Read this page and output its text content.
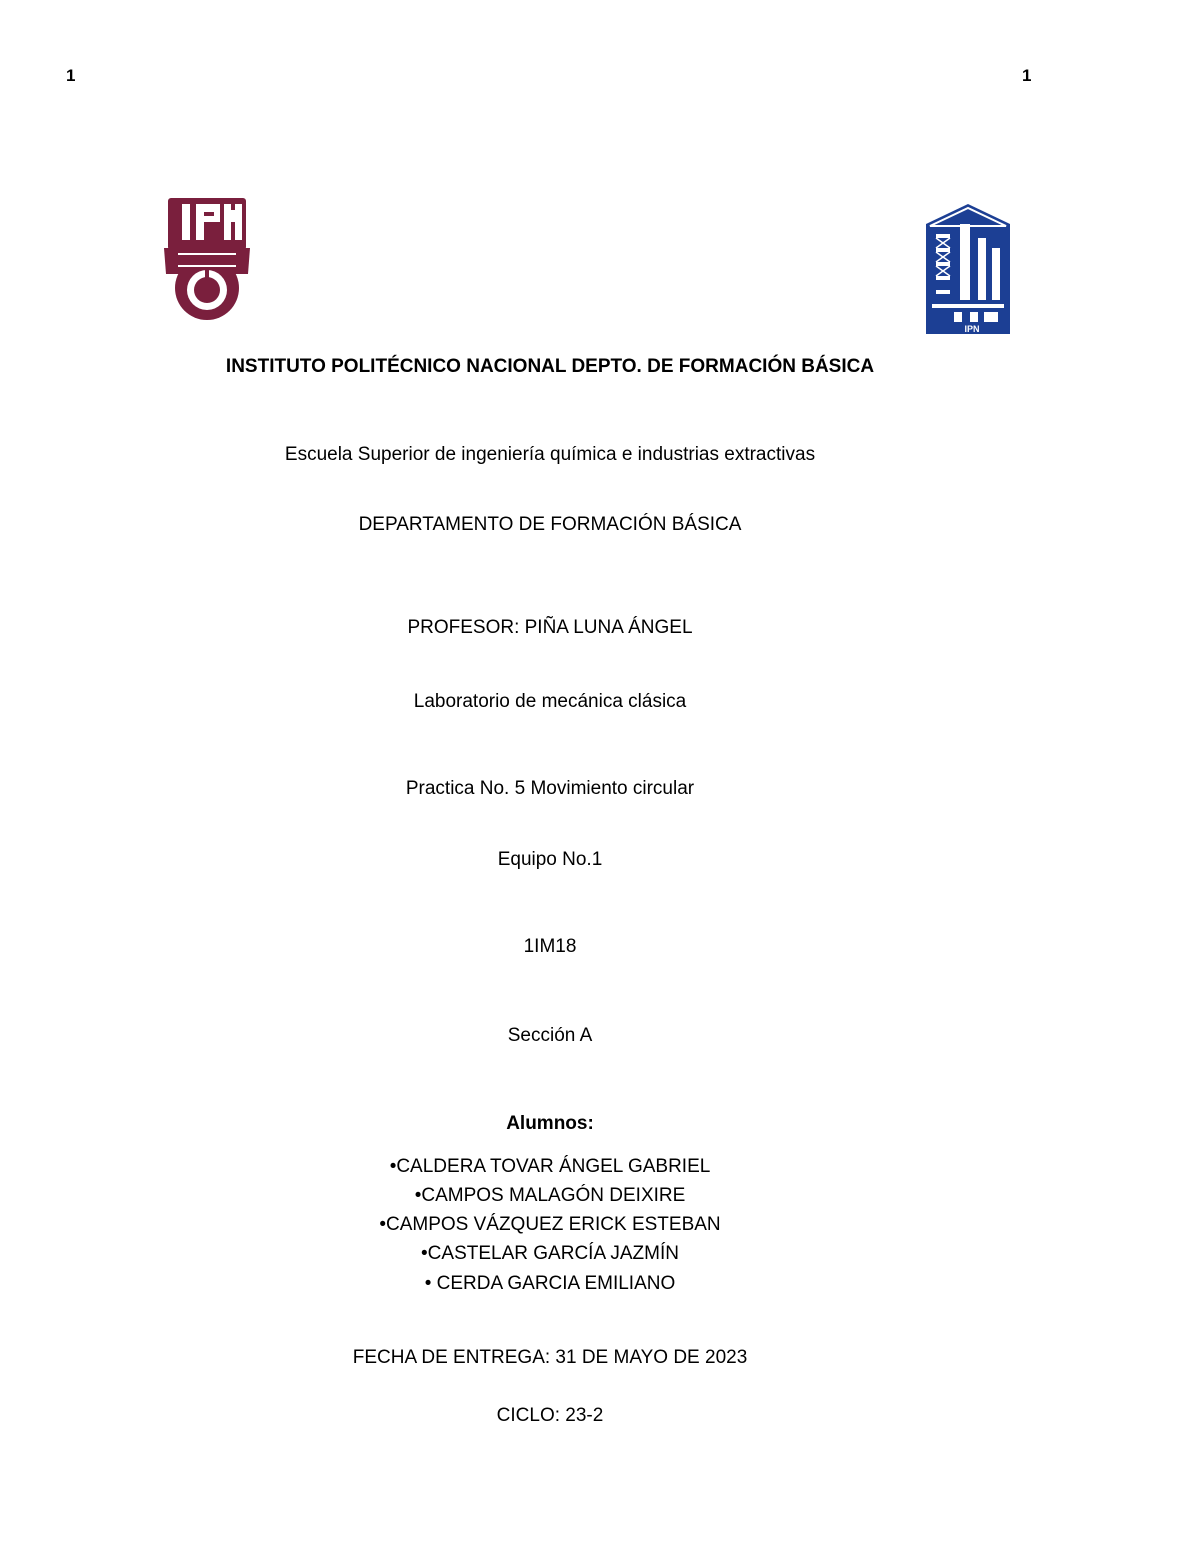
1	1
IPN
INSTITUTO POLITÉCNICO NACIONAL DEPTO. DE FORMACIÓN BÁSICA
Escuela Superior de ingeniería química e industrias extractivas
DEPARTAMENTO DE FORMACIÓN BÁSICA
PROFESOR: PIÑA LUNA ÁNGEL
Laboratorio de mecánica clásica
Practica No. 5 Movimiento circular
Equipo No.1
1IM18
Sección A
Alumnos:
•CALDERA TOVAR ÁNGEL GABRIEL
•CAMPOS MALAGÓN DEIXIRE
•CAMPOS VÁZQUEZ ERICK ESTEBAN
•CASTELAR GARCÍA JAZMÍN
• CERDA GARCIA EMILIANO
FECHA DE ENTREGA: 31 DE MAYO DE 2023
CICLO: 23-2
